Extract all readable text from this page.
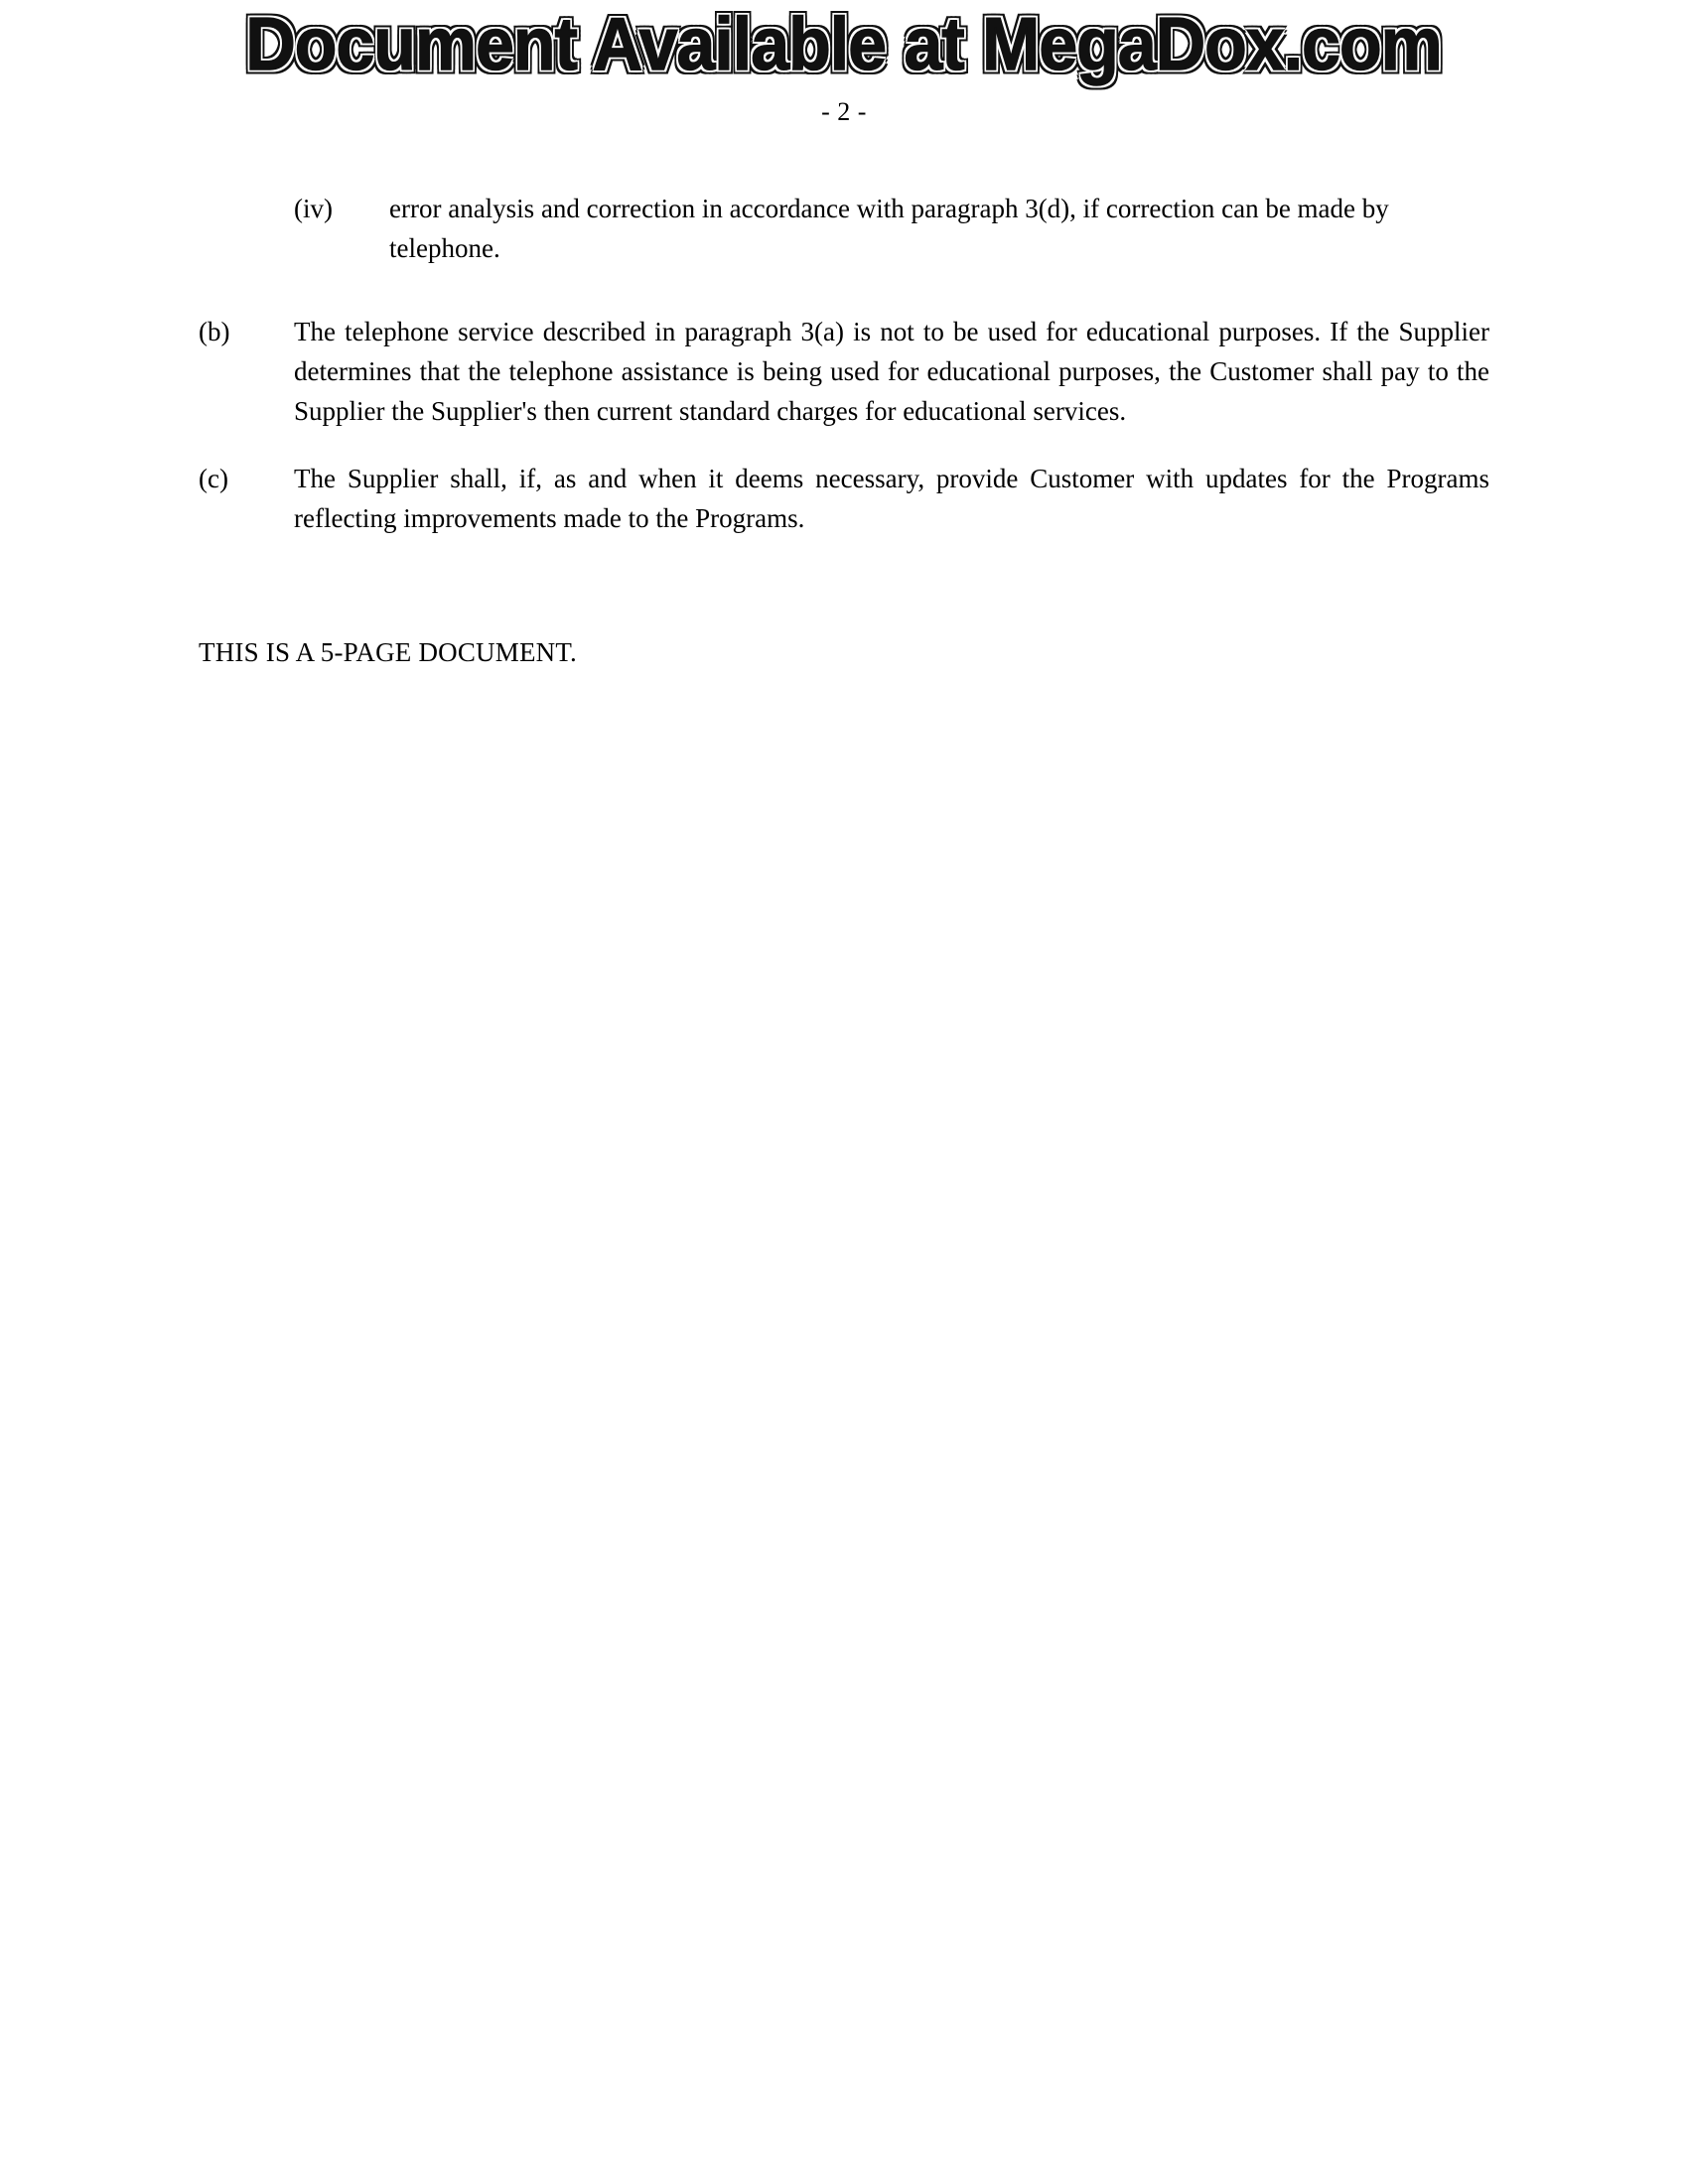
Document Available at MegaDox.com
- 2 -
(iv)	error analysis and correction in accordance with paragraph 3(d), if correction can be made by telephone.
(b)	The telephone service described in paragraph 3(a) is not to be used for educational purposes. If the Supplier determines that the telephone assistance is being used for educational purposes, the Customer shall pay to the Supplier the Supplier's then current standard charges for educational services.
(c)	The Supplier shall, if, as and when it deems necessary, provide Customer with updates for the Programs reflecting improvements made to the Programs.
THIS IS A 5-PAGE DOCUMENT.
